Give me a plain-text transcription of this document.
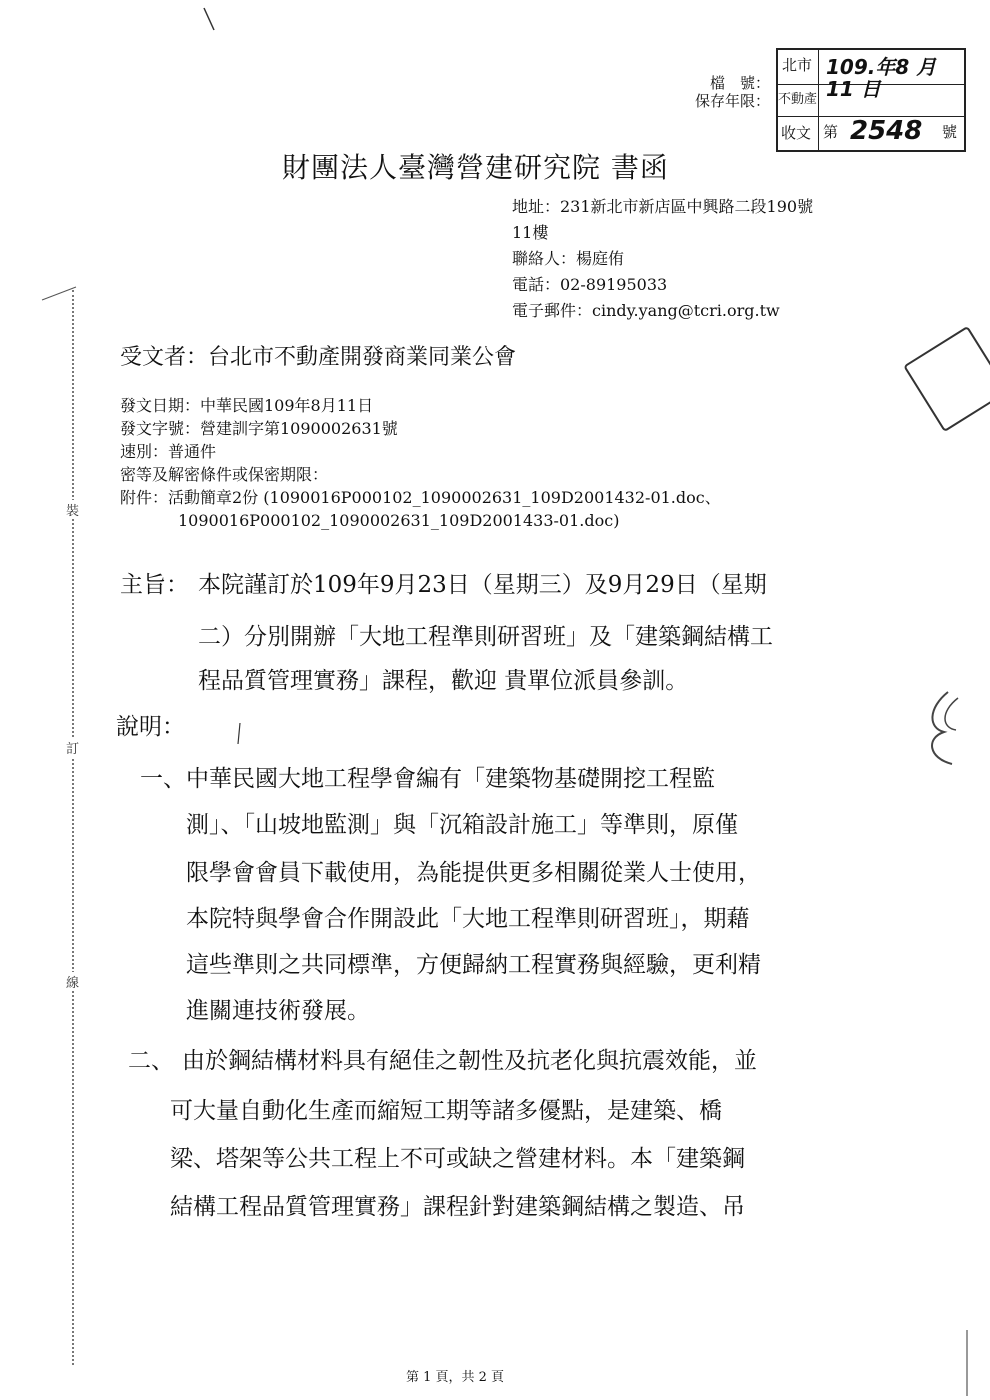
檔　號：
保存年限：
北市
不動產
收文
109.年8 月11 日
第 2548 號
財團法人臺灣營建研究院 書函
地址：231新北市新店區中興路二段190號
11樓
聯絡人：楊庭侑
電話：02-89195033
電子郵件：cindy.yang@tcri.org.tw
受文者：台北市不動產開發商業同業公會
發文日期：中華民國109年8月11日
發文字號：營建訓字第1090002631號
速別：普通件
密等及解密條件或保密期限：
附件：活動簡章2份 (1090016P000102_1090002631_109D2001432-01.doc、
1090016P000102_1090002631_109D2001433-01.doc)
主旨： 本院謹訂於109年9月23日（星期三）及9月29日（星期
二）分別開辦「大地工程準則研習班」及「建築鋼結構工
程品質管理實務」課程，歡迎 貴單位派員參訓。
說明：
一、 中華民國大地工程學會編有「建築物基礎開挖工程監
測」、「山坡地監測」與「沉箱設計施工」等準則，原僅
限學會會員下載使用，為能提供更多相關從業人士使用，
本院特與學會合作開設此「大地工程準則研習班」，期藉
這些準則之共同標準，方便歸納工程實務與經驗，更利精
進關連技術發展。
二、 由於鋼結構材料具有絕佳之韌性及抗老化與抗震效能，並
可大量自動化生產而縮短工期等諸多優點，是建築、橋
梁、塔架等公共工程上不可或缺之營建材料。本「建築鋼
結構工程品質管理實務」課程針對建築鋼結構之製造、吊
裝
訂
線
第 1 頁，共 2 頁
